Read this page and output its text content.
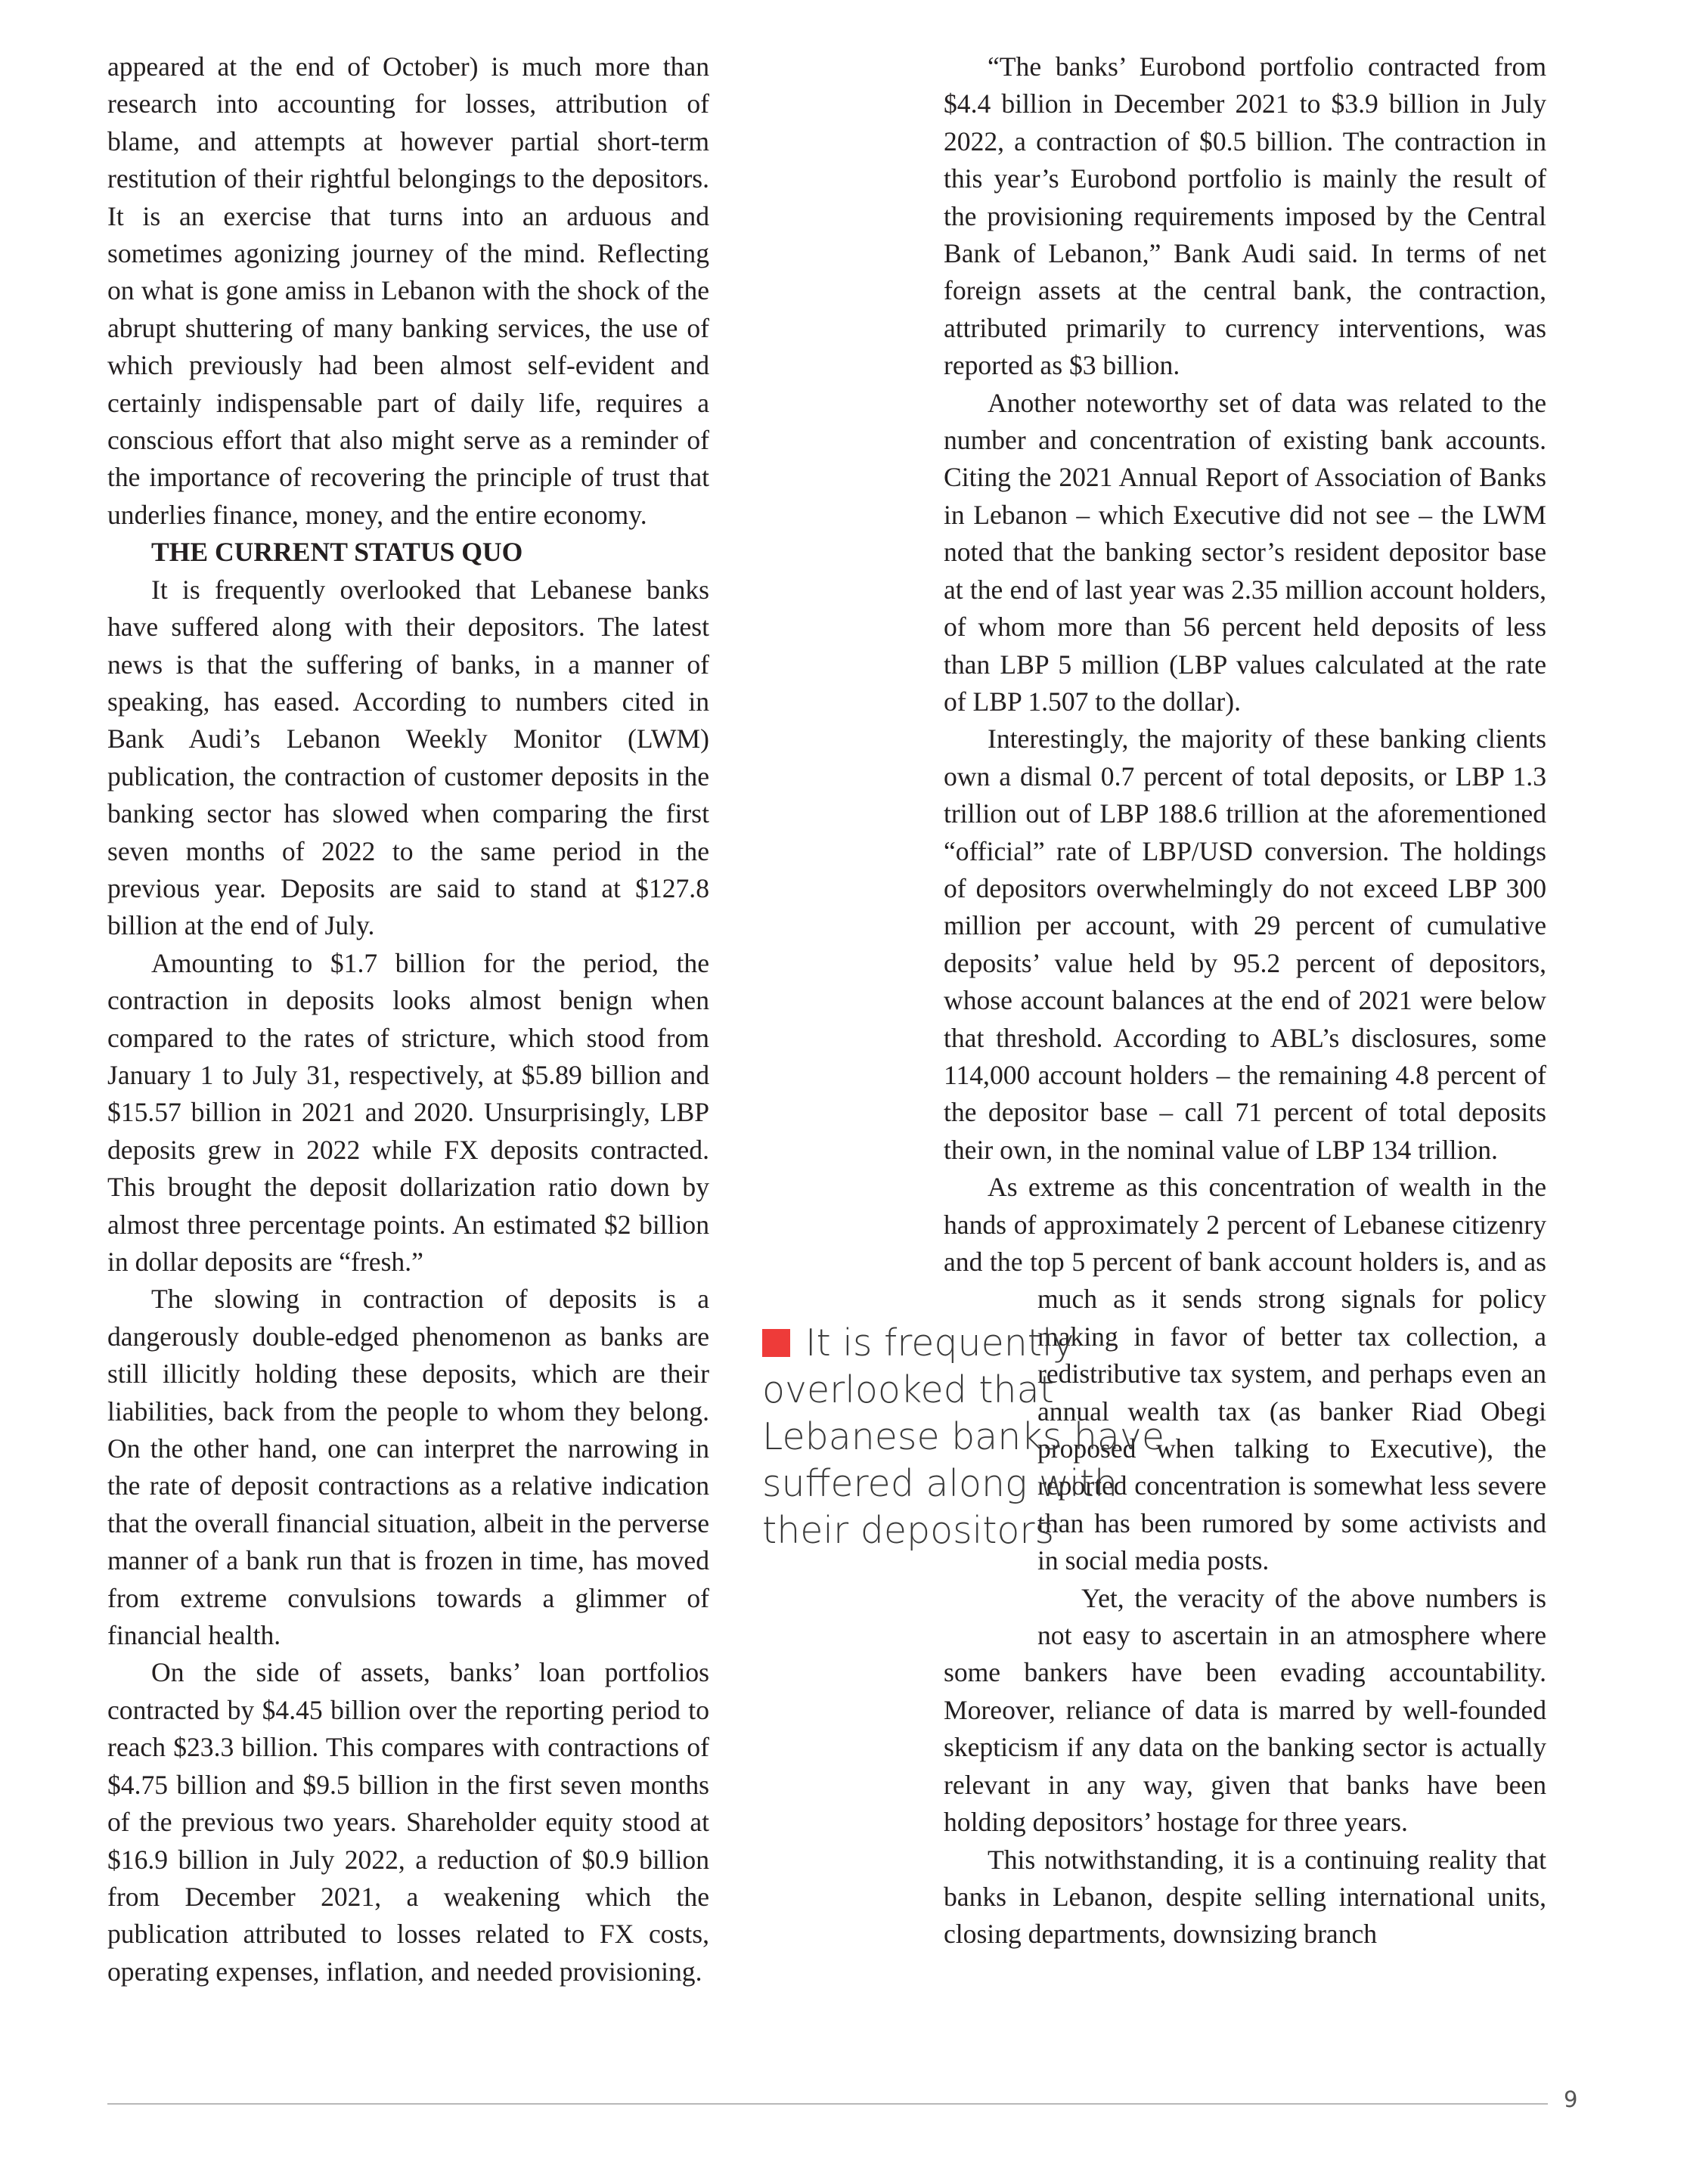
appeared at the end of October) is much more than research into accounting for losses, attribution of blame, and attempts at however partial short-term restitution of their rightful belongings to the depositors. It is an exercise that turns into an arduous and sometimes agonizing journey of the mind. Reflecting on what is gone amiss in Lebanon with the shock of the abrupt shuttering of many banking services, the use of which previously had been almost self-evident and certainly indispensable part of daily life, requires a conscious effort that also might serve as a reminder of the importance of recovering the principle of trust that underlies finance, money, and the entire economy.

THE CURRENT STATUS QUO

It is frequently overlooked that Lebanese banks have suffered along with their depositors. The latest news is that the suffering of banks, in a manner of speaking, has eased. According to numbers cited in Bank Audi’s Lebanon Weekly Monitor (LWM) publication, the contraction of customer deposits in the banking sector has slowed when comparing the first seven months of 2022 to the same period in the previous year. Deposits are said to stand at $127.8 billion at the end of July.

Amounting to $1.7 billion for the period, the contraction in deposits looks almost benign when compared to the rates of stricture, which stood from January 1 to July 31, respectively, at $5.89 billion and $15.57 billion in 2021 and 2020. Unsurprisingly, LBP deposits grew in 2022 while FX deposits contracted. This brought the deposit dollarization ratio down by almost three percentage points. An estimated $2 billion in dollar deposits are “fresh.”

The slowing in contraction of deposits is a dangerously double-edged phenomenon as banks are still illicitly holding these deposits, which are their liabilities, back from the people to whom they belong. On the other hand, one can interpret the narrowing in the rate of deposit contractions as a relative indication that the overall financial situation, albeit in the perverse manner of a bank run that is frozen in time, has moved from extreme convulsions towards a glimmer of financial health.

On the side of assets, banks’ loan portfolios contracted by $4.45 billion over the reporting period to reach $23.3 billion. This compares with contractions of $4.75 billion and $9.5 billion in the first seven months of the previous two years. Shareholder equity stood at $16.9 billion in July 2022, a reduction of $0.9 billion from December 2021, a weakening which the publication attributed to losses related to FX costs, operating expenses, inflation, and needed provisioning.

“The banks’ Eurobond portfolio contracted from $4.4 billion in December 2021 to $3.9 billion in July 2022, a contraction of $0.5 billion. The contraction in this year’s Eurobond portfolio is mainly the result of the provisioning requirements imposed by the Central Bank of Lebanon,” Bank Audi said. In terms of net foreign assets at the central bank, the contraction, attributed primarily to currency interventions, was reported as $3 billion.

Another noteworthy set of data was related to the number and concentration of existing bank accounts. Citing the 2021 Annual Report of Association of Banks in Lebanon – which Executive did not see – the LWM noted that the banking sector’s resident depositor base at the end of last year was 2.35 million account holders, of whom more than 56 percent held deposits of less than LBP 5 million (LBP values calculated at the rate of LBP 1.507 to the dollar).

Interestingly, the majority of these banking clients own a dismal 0.7 percent of total deposits, or LBP 1.3 trillion out of LBP 188.6 trillion at the aforementioned “official” rate of LBP/USD conversion. The holdings of depositors overwhelmingly do not exceed LBP 300 million per account, with 29 percent of cumulative deposits’ value held by 95.2 percent of depositors, whose account balances at the end of 2021 were below that threshold. According to ABL’s disclosures, some 114,000 account holders – the remaining 4.8 percent of the depositor base – call 71 percent of total deposits their own, in the nominal value of LBP 134 trillion.

As extreme as this concentration of wealth in the hands of approximately 2 percent of Lebanese citizenry and the top 5 percent of bank account holders is, and as much as it sends strong signals for policy making in favor of better tax collection, a redistributive tax system, and perhaps even an annual wealth tax (as banker Riad Obegi proposed when talking to Executive), the reported concentration is somewhat less severe than has been rumored by some activists and in social media posts.

Yet, the veracity of the above numbers is not easy to ascertain in an atmosphere where some bankers have been evading accountability. Moreover, reliance of data is marred by well-founded skepticism if any data on the banking sector is actually relevant in any way, given that banks have been holding depositors’ hostage for three years.

This notwithstanding, it is a continuing reality that banks in Lebanon, despite selling international units, closing departments, downsizing branch

It is frequently overlooked that Lebanese banks have suffered along with their depositors
9
